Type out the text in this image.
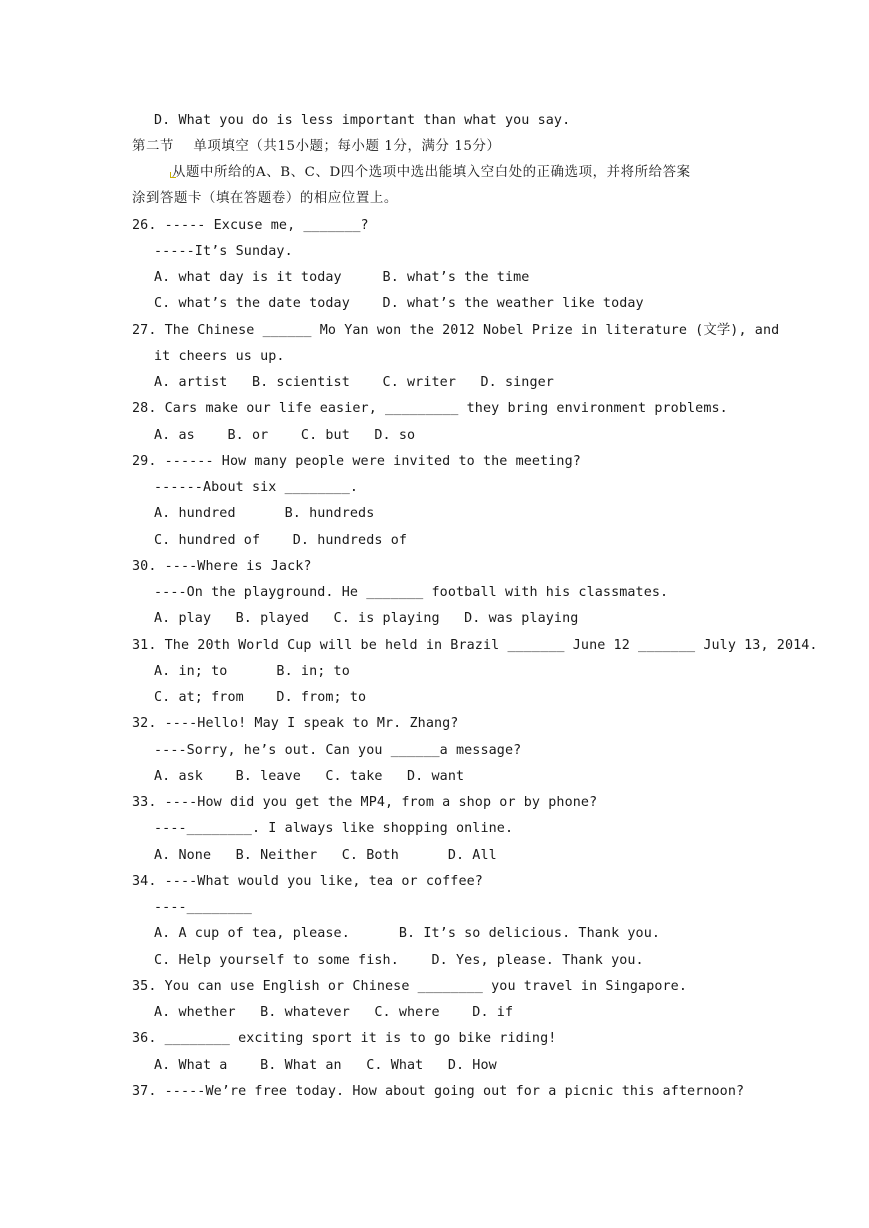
D. What you do is less important than what you say.
第二节    单项填空（共15小题；每小题 1分，满分 15分）
从题中所给的A、B、C、D四个选项中选出能填入空白处的正确选项，并将所给答案
涂到答题卡（填在答题卷）的相应位置上。
26. ----- Excuse me, _______?
-----It’s Sunday.
A. what day is it today     B. what’s the time
C. what’s the date today    D. what’s the weather like today
27. The Chinese ______ Mo Yan won the 2012 Nobel Prize in literature (文学), and
it cheers us up.
A. artist   B. scientist    C. writer   D. singer
28. Cars make our life easier, _________ they bring environment problems.
A. as    B. or    C. but   D. so
29. ------ How many people were invited to the meeting?
------About six ________.
A. hundred      B. hundreds
C. hundred of    D. hundreds of
30. ----Where is Jack?
----On the playground. He _______ football with his classmates.
A. play   B. played   C. is playing   D. was playing
31. The 20th World Cup will be held in Brazil _______ June 12 _______ July 13, 2014.
A. in; to      B. in; to
C. at; from    D. from; to
32. ----Hello! May I speak to Mr. Zhang?
----Sorry, he’s out. Can you ______a message?
A. ask    B. leave   C. take   D. want
33. ----How did you get the MP4, from a shop or by phone?
----________. I always like shopping online.
A. None   B. Neither   C. Both      D. All
34. ----What would you like, tea or coffee?
----________
A. A cup of tea, please.      B. It’s so delicious. Thank you.
C. Help yourself to some fish.    D. Yes, please. Thank you.
35. You can use English or Chinese ________ you travel in Singapore.
A. whether   B. whatever   C. where    D. if
36. ________ exciting sport it is to go bike riding!
A. What a    B. What an   C. What   D. How
37. -----We’re free today. How about going out for a picnic this afternoon?
